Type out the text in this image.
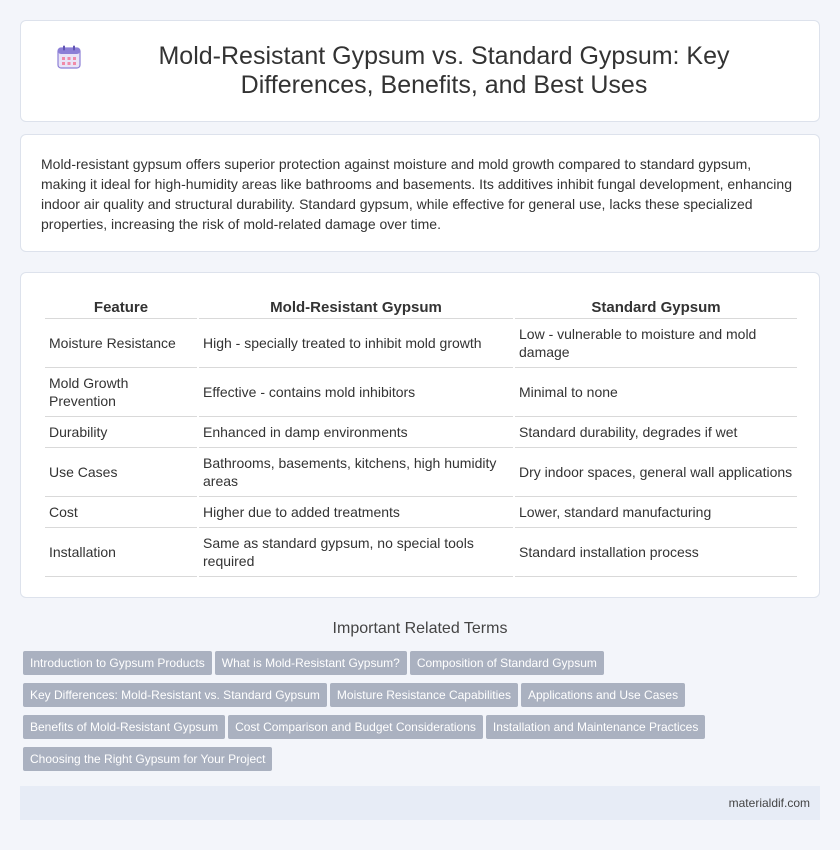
Mold-Resistant Gypsum vs. Standard Gypsum: Key Differences, Benefits, and Best Uses

Mold-resistant gypsum offers superior protection against moisture and mold growth compared to standard gypsum, making it ideal for high-humidity areas like bathrooms and basements. Its additives inhibit fungal development, enhancing indoor air quality and structural durability. Standard gypsum, while effective for general use, lacks these specialized properties, increasing the risk of mold-related damage over time.

Feature	Mold-Resistant Gypsum	Standard Gypsum
Moisture Resistance	High - specially treated to inhibit mold growth	Low - vulnerable to moisture and mold damage
Mold Growth Prevention	Effective - contains mold inhibitors	Minimal to none
Durability	Enhanced in damp environments	Standard durability, degrades if wet
Use Cases	Bathrooms, basements, kitchens, high humidity areas	Dry indoor spaces, general wall applications
Cost	Higher due to added treatments	Lower, standard manufacturing
Installation	Same as standard gypsum, no special tools required	Standard installation process
Important Related Terms
Introduction to Gypsum Products What is Mold-Resistant Gypsum? Composition of Standard Gypsum
Key Differences: Mold-Resistant vs. Standard Gypsum Moisture Resistance Capabilities Applications and Use Cases
Benefits of Mold-Resistant Gypsum Cost Comparison and Budget Considerations Installation and Maintenance Practices
Choosing the Right Gypsum for Your Project
materialdif.com
